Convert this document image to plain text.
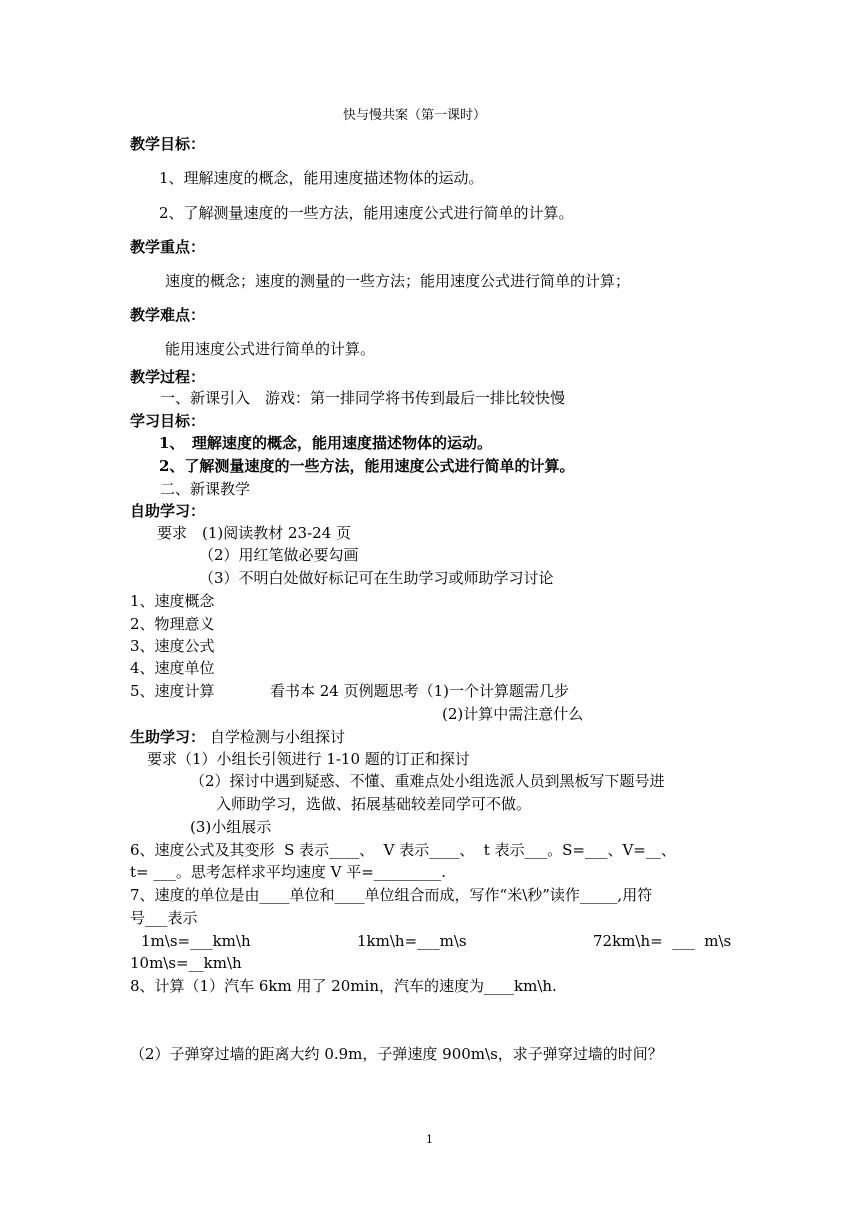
快与慢共案（第一课时）
教学目标：
1、理解速度的概念，能用速度描述物体的运动。
2、了解测量速度的一些方法，能用速度公式进行简单的计算。
教学重点：
速度的概念；速度的测量的一些方法；能用速度公式进行简单的计算；
教学难点：
能用速度公式进行简单的计算。
教学过程：
一、新课引入　游戏：第一排同学将书传到最后一排比较快慢
学习目标：
1、　理解速度的概念，能用速度描述物体的运动。
2、了解测量速度的一些方法，能用速度公式进行简单的计算。
二、新课教学
自助学习：
要求　(1)阅读教材 23-24 页
（2）用红笔做必要勾画
（3）不明白处做好标记可在生助学习或师助学习讨论
1、速度概念
2、物理意义
3、速度公式
4、速度单位
5、速度计算	看书本 24 页例题思考（1)一个计算题需几步
(2)计算中需注意什么
生助学习： 自学检测与小组探讨
要求（1）小组长引领进行 1-10 题的订正和探讨
（2）探讨中遇到疑惑、不懂、重难点处小组选派人员到黑板写下题号进
入师助学习，选做、拓展基础较差同学可不做。
(3)小组展示
6、速度公式及其变形  S 表示____、  V 表示____、  t 表示___。S=___、V=__、
t= ___。思考怎样求平均速度 V 平=_________.
7、速度的单位是由____单位和____单位组合而成，写作“米\秒”读作_____,用符
号___表示
1m\s=___km\h	1km\h=___m\s	72km\h=  ___  m\s
10m\s=__km\h
8、计算（1）汽车 6km 用了 20min，汽车的速度为____km\h.
（2）子弹穿过墙的距离大约 0.9m，子弹速度 900m\s，求子弹穿过墙的时间？
1
